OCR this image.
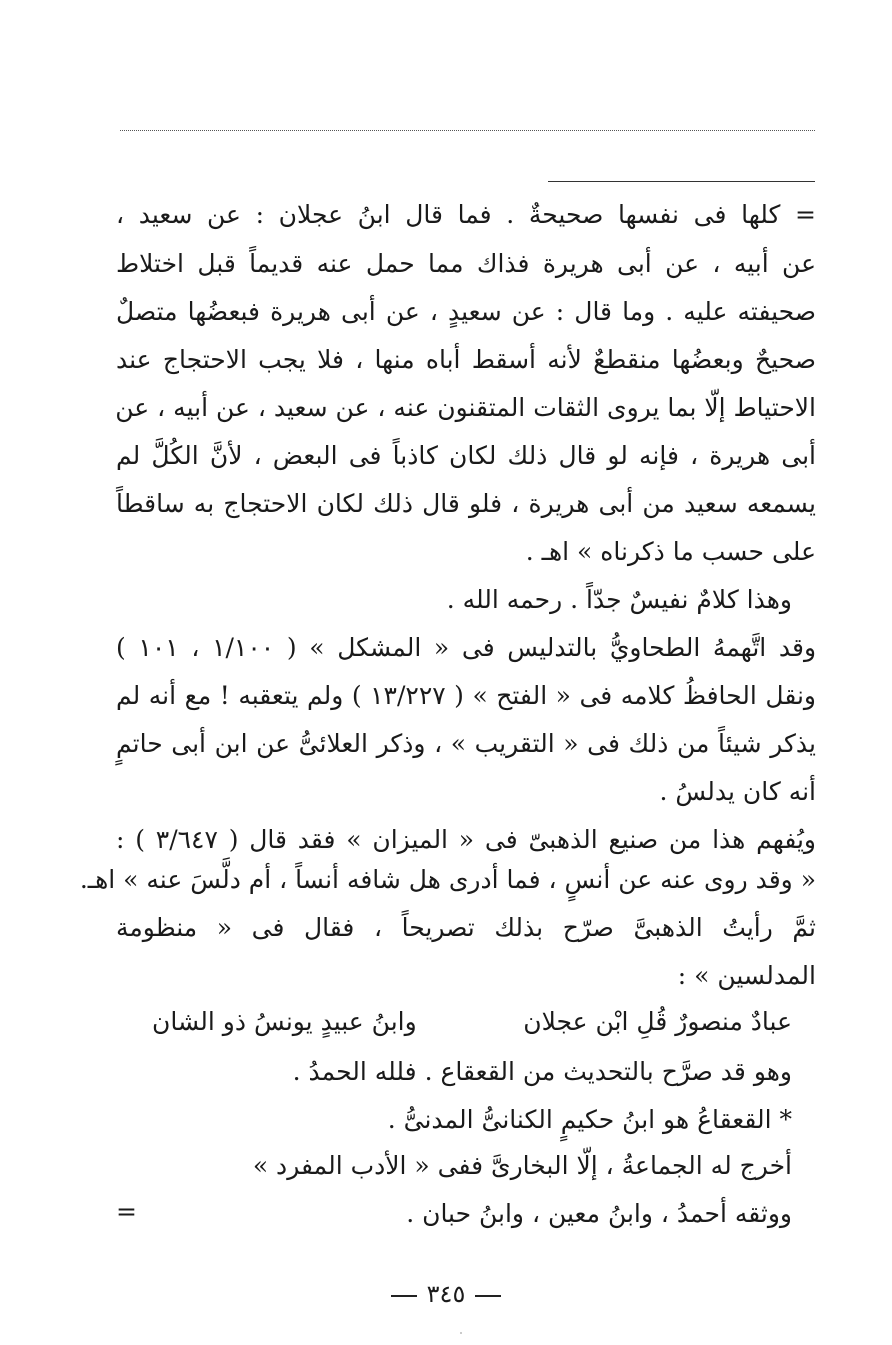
= كلها فى نفسها صحيحةٌ . فما قال ابنُ عجلان : عن سعيد ،
عن أبيه ، عن أبى هريرة فذاك مما حمل عنه قديماً قبل اختلاط
صحيفته عليه . وما قال : عن سعيدٍ ، عن أبى هريرة فبعضُها متصلٌ
صحيحٌ وبعضُها منقطعٌ لأنه أسقط أباه منها ، فلا يجب الاحتجاج عند
الاحتياط إلّا بما يروى الثقات المتقنون عنه ، عن سعيد ، عن أبيه ، عن
أبى هريرة ، فإنه لو قال ذلك لكان كاذباً فى البعض ، لأنَّ الكُلَّ لم
يسمعه سعيد من أبى هريرة ، فلو قال ذلك لكان الاحتجاج به ساقطاً
على حسب ما ذكرناه » اهـ .
وهذا كلامٌ نفيسٌ جدّاً . رحمه الله .
وقد اتَّهمهُ الطحاويُّ بالتدليس فى « المشكل » ( ١/١٠٠ ، ١٠١ )
ونقل الحافظُ كلامه فى « الفتح » ( ١٣/٢٢٧ ) ولم يتعقبه ! مع أنه لم
يذكر شيئاً من ذلك فى « التقريب » ، وذكر العلائىُّ عن ابن أبى حاتمٍ
أنه كان يدلسُ .
ويُفهم هذا من صنيع الذهبىّ فى « الميزان » فقد قال ( ٣/٦٤٧ ) :
« وقد روى عنه عن أنسٍ ، فما أدرى هل شافه أنساً ، أم دلَّسَ عنه » اهـ.
ثمَّ رأيتُ الذهبىَّ صرّح بذلك تصريحاً ، فقال فى « منظومة
المدلسين » :
عبادٌ منصورٌ قُلِ ابْن عجلان
وابنُ عبيدٍ يونسُ ذو الشان
وهو قد صرَّح بالتحديث من القعقاع . فلله الحمدُ .
* القعقاعُ هو ابنُ حكيمٍ الكنانىُّ المدنىُّ .
أخرج له الجماعةُ ، إلّا البخارىَّ ففى « الأدب المفرد »
ووثقه أحمدُ ، وابنُ معين ، وابنُ حبان .
=
٣٤٥
